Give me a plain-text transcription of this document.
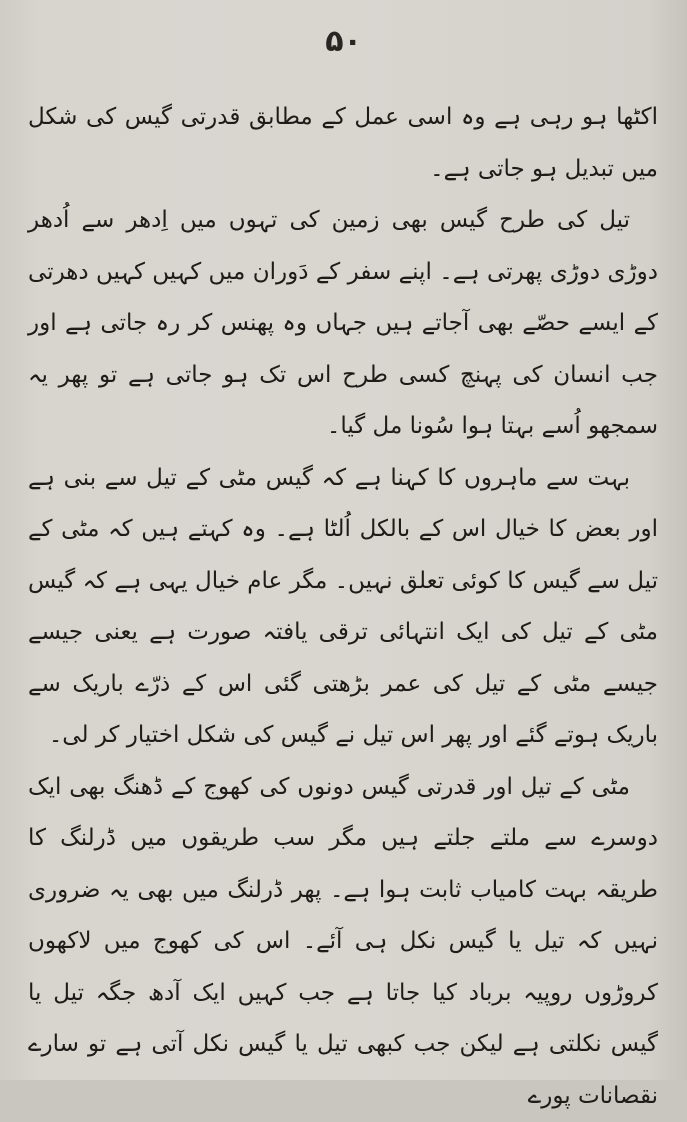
۵۰

اکٹھا ہو رہی ہے وہ اسی عمل کے مطابق قدرتی گیس کی شکل میں تبدیل ہو جاتی ہے۔

تیل کی طرح گیس بھی زمین کی تہوں میں اِدھر سے اُدھر دوڑی دوڑی پھرتی ہے۔ اپنے سفر کے دَوران میں کہیں کہیں دھرتی کے ایسے حصّے بھی آجاتے ہیں جہاں وہ پھنس کر رہ جاتی ہے اور جب انسان کی پہنچ کسی طرح اس تک ہو جاتی ہے تو پھر یہ سمجھو اُسے بہتا ہوا سُونا مل گیا۔

بہت سے ماہروں کا کہنا ہے کہ گیس مٹی کے تیل سے بنی ہے اور بعض کا خیال اس کے بالکل اُلٹا ہے۔ وہ کہتے ہیں کہ مٹی کے تیل سے گیس کا کوئی تعلق نہیں۔ مگر عام خیال یہی ہے کہ گیس مٹی کے تیل کی ایک انتہائی ترقی یافتہ صورت ہے یعنی جیسے جیسے مٹی کے تیل کی عمر بڑھتی گئی اس کے ذرّے باریک سے باریک ہوتے گئے اور پھر اس تیل نے گیس کی شکل اختیار کر لی۔

مٹی کے تیل اور قدرتی گیس دونوں کی کھوج کے ڈھنگ بھی ایک دوسرے سے ملتے جلتے ہیں مگر سب طریقوں میں ڈرلنگ کا طریقہ بہت کامیاب ثابت ہوا ہے۔ پھر ڈرلنگ میں بھی یہ ضروری نہیں کہ تیل یا گیس نکل ہی آئے۔ اس کی کھوج میں لاکھوں کروڑوں روپیہ برباد کیا جاتا ہے جب کہیں ایک آدھ جگہ تیل یا گیس نکلتی ہے لیکن جب کبھی تیل یا گیس نکل آتی ہے تو سارے نقصانات پورے
